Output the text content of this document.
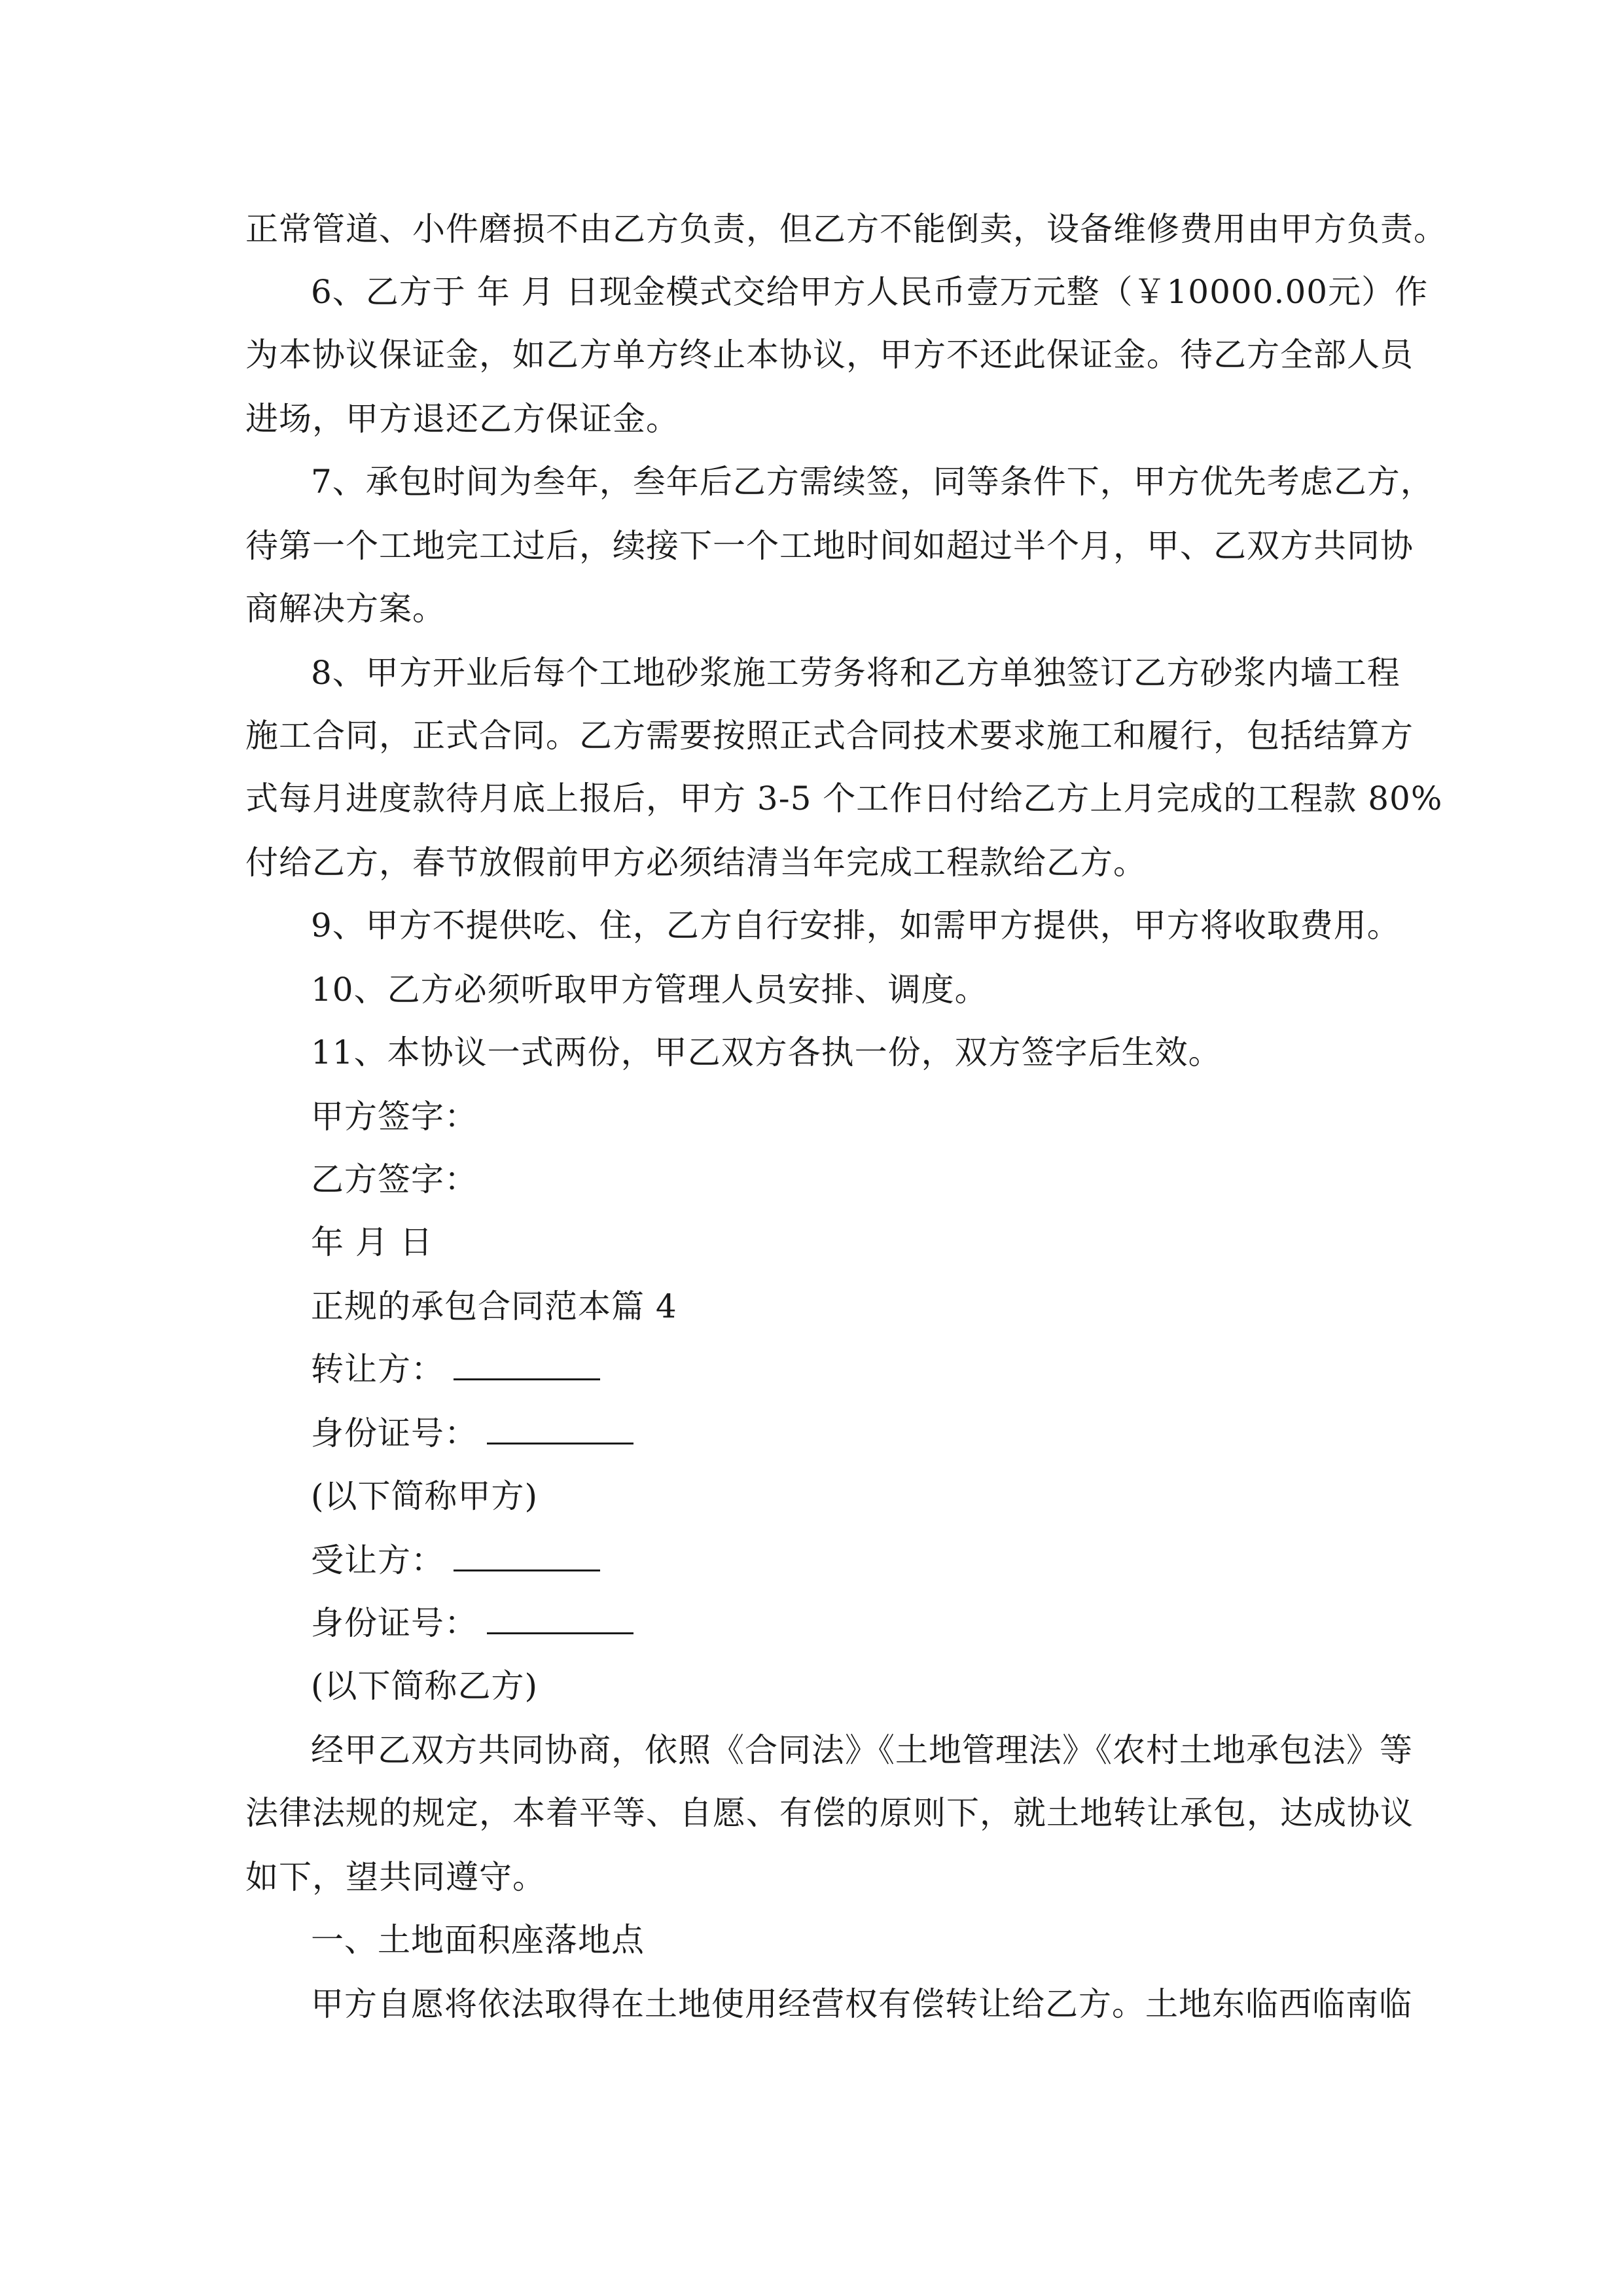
正常管道、小件磨损不由乙方负责，但乙方不能倒卖，设备维修费用由甲方负责。
6、乙方于 年 月 日现金模式交给甲方人民币壹万元整（￥10000.00元）作
为本协议保证金，如乙方单方终止本协议，甲方不还此保证金。待乙方全部人员
进场，甲方退还乙方保证金。
7、承包时间为叁年，叁年后乙方需续签，同等条件下，甲方优先考虑乙方，
待第一个工地完工过后，续接下一个工地时间如超过半个月，甲、乙双方共同协
商解决方案。
8、甲方开业后每个工地砂浆施工劳务将和乙方单独签订乙方砂浆内墙工程
施工合同，正式合同。乙方需要按照正式合同技术要求施工和履行，包括结算方
式每月进度款待月底上报后，甲方 3-5 个工作日付给乙方上月完成的工程款 80%
付给乙方，春节放假前甲方必须结清当年完成工程款给乙方。
9、甲方不提供吃、住，乙方自行安排，如需甲方提供，甲方将收取费用。
10、乙方必须听取甲方管理人员安排、调度。
11、本协议一式两份，甲乙双方各执一份，双方签字后生效。
甲方签字：
乙方签字：
年 月 日
正规的承包合同范本篇 4
转让方：
身份证号：
(以下简称甲方)
受让方：
身份证号：
(以下简称乙方)
经甲乙双方共同协商，依照《合同法》《土地管理法》《农村土地承包法》等
法律法规的规定，本着平等、自愿、有偿的原则下，就土地转让承包，达成协议
如下，望共同遵守。
一、土地面积座落地点
甲方自愿将依法取得在土地使用经营权有偿转让给乙方。土地东临西临南临
